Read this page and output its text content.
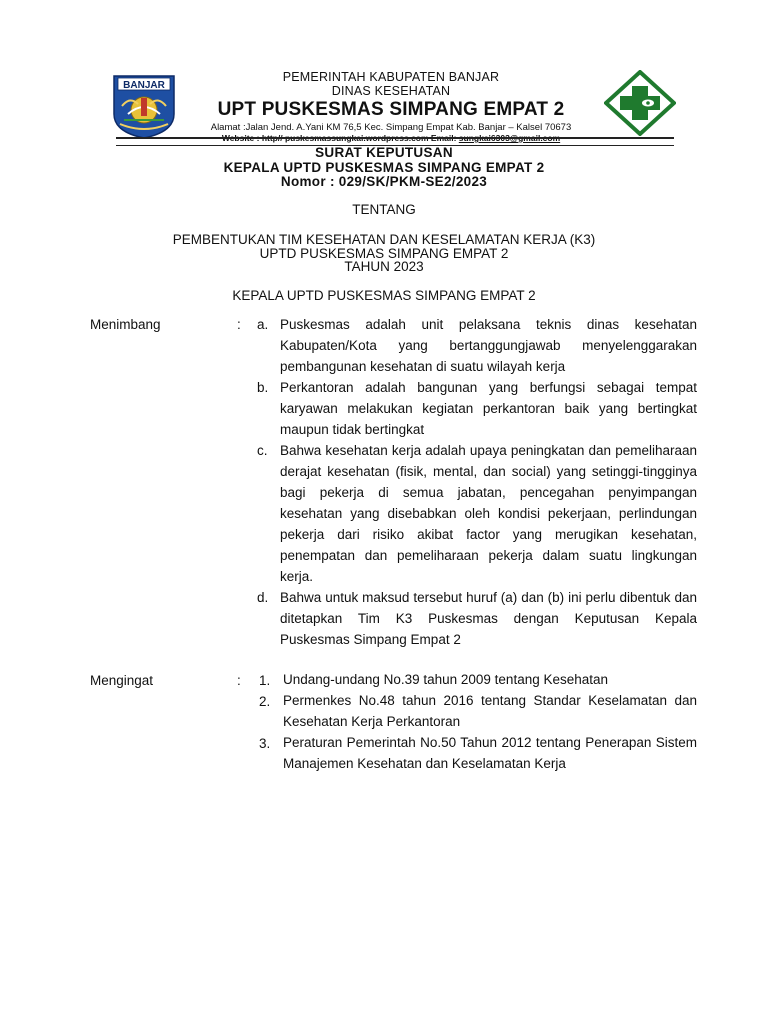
BANJAR
PEMERINTAH KABUPATEN BANJAR
DINAS KESEHATAN
UPT PUSKESMAS SIMPANG EMPAT 2
Alamat :Jalan Jend. A.Yani KM 76,5 Kec. Simpang Empat Kab. Banjar – Kalsel 70673
Website : http// puskesmassungkai.wordpress.com Email: sungkai6303@gmail.com
SURAT KEPUTUSAN
KEPALA UPTD PUSKESMAS SIMPANG EMPAT 2
Nomor : 029/SK/PKM-SE2/2023
TENTANG
PEMBENTUKAN TIM KESEHATAN DAN KESELAMATAN KERJA (K3)
UPTD PUSKESMAS SIMPANG EMPAT 2
TAHUN 2023
KEPALA UPTD PUSKESMAS SIMPANG EMPAT 2
Menimbang	: a. Puskesmas adalah unit pelaksana teknis dinas kesehatan Kabupaten/Kota yang bertanggungjawab menyelenggarakan pembangunan kesehatan di suatu wilayah kerja
b. Perkantoran adalah bangunan yang berfungsi sebagai tempat karyawan melakukan kegiatan perkantoran baik yang bertingkat maupun tidak bertingkat
c. Bahwa kesehatan kerja adalah upaya peningkatan dan pemeliharaan derajat kesehatan (fisik, mental, dan social) yang setinggi-tingginya bagi pekerja di semua jabatan, pencegahan penyimpangan kesehatan yang disebabkan oleh kondisi pekerjaan, perlindungan pekerja dari risiko akibat factor yang merugikan kesehatan, penempatan dan pemeliharaan pekerja dalam suatu lingkungan kerja.
d. Bahwa untuk maksud tersebut huruf (a) dan (b) ini perlu dibentuk dan ditetapkan Tim K3 Puskesmas dengan Keputusan Kepala Puskesmas Simpang Empat 2
Mengingat	: 1. Undang-undang No.39 tahun 2009 tentang Kesehatan
2. Permenkes No.48 tahun 2016 tentang Standar Keselamatan dan Kesehatan Kerja Perkantoran
3. Peraturan Pemerintah No.50 Tahun 2012 tentang Penerapan Sistem Manajemen Kesehatan dan Keselamatan Kerja
